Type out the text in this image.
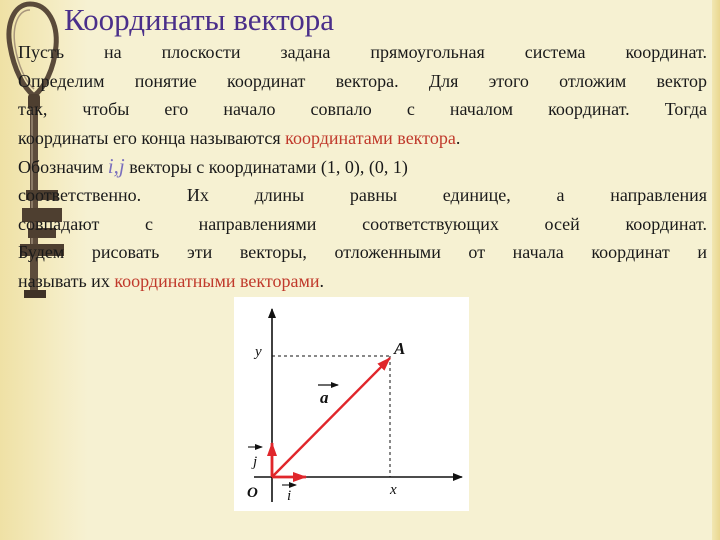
Координаты вектора
Пусть на плоскости задана прямоугольная система координат.
Определим понятие координат вектора. Для этого отложим вектор
так, чтобы его начало совпало с началом координат. Тогда
координаты его конца называются координатами вектора.
Обозначим i,j векторы с координатами (1, 0), (0, 1)
соответственно. Их длины равны единице, а направления
совпадают с направлениями соответствующих осей координат.
Будем рисовать эти векторы, отложенными от начала координат и
называть их координатными векторами.
y
x
O
A
a
j
i
